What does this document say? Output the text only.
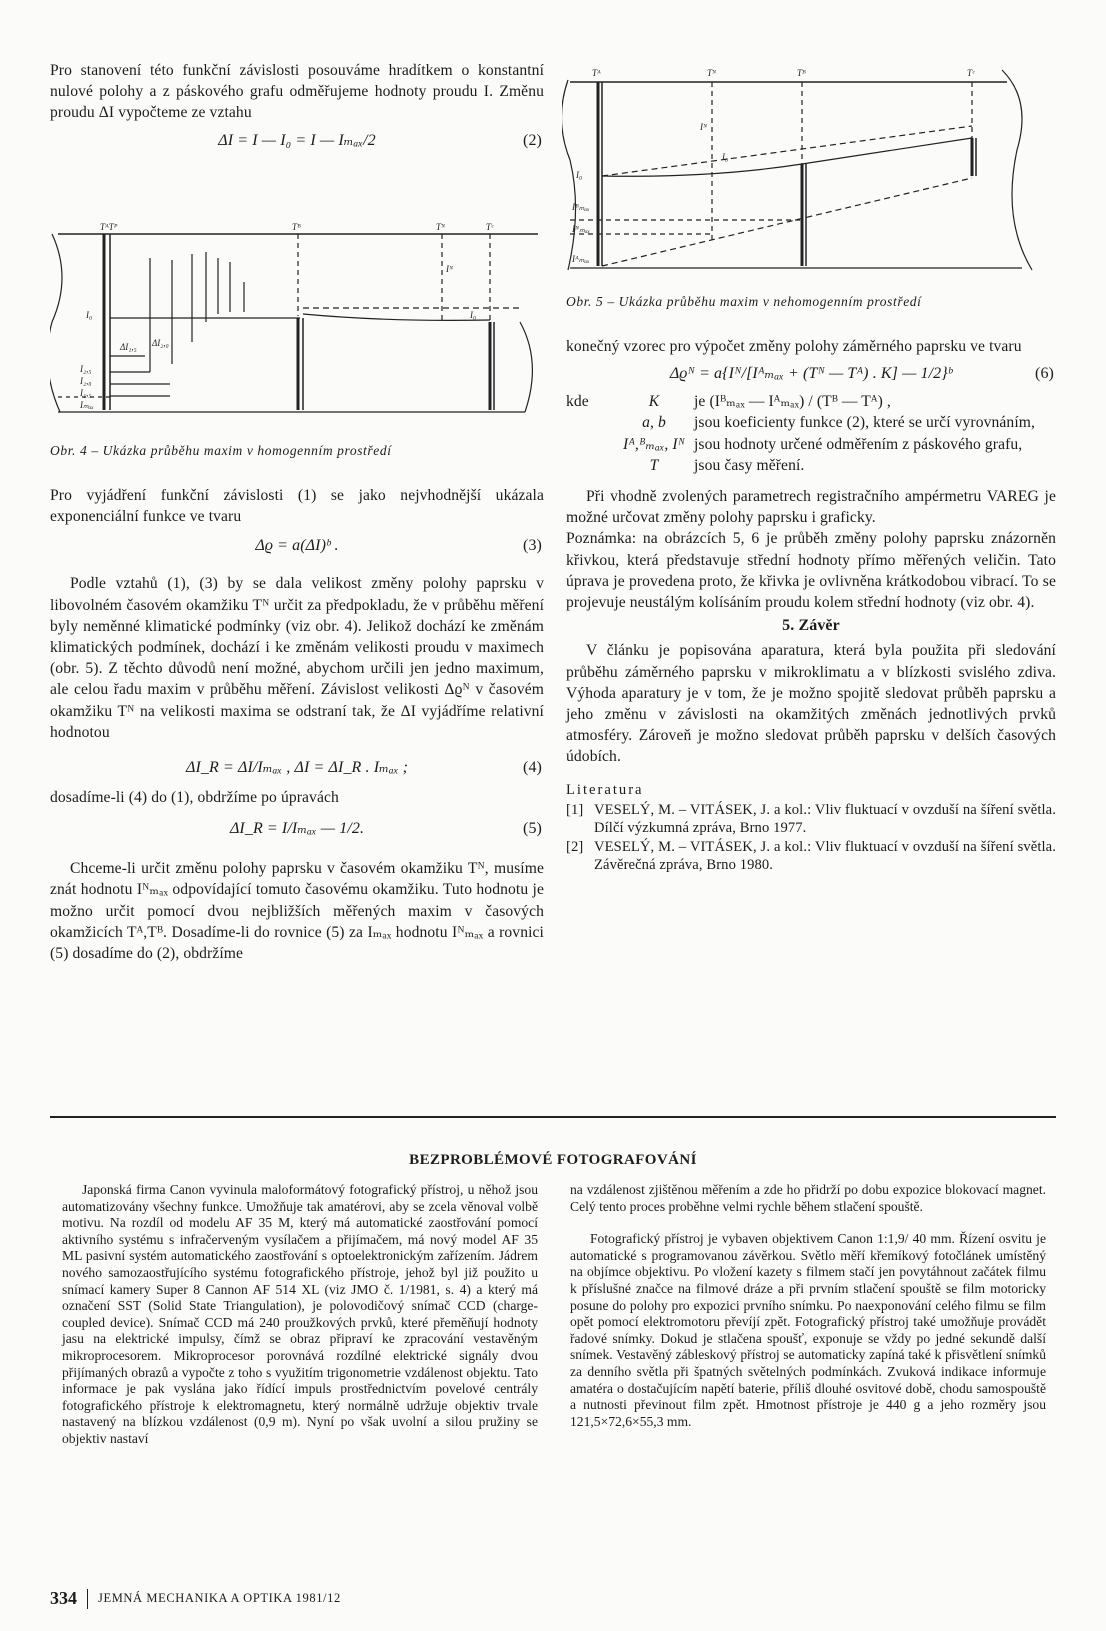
Pro stanovení této funkční závislosti posouváme hradítkem o konstantní nulové polohy a z páskového grafu odměřujeme hodnoty proudu I. Změnu proudu ΔI vypočteme ze vztahu

ΔI = I — I₀ = I — Iₘₐₓ/2	(2)
TᴬTᴾ	Tᴮ	Tᴺ	Tᶜ
I₀
I₂,₅
I₂,₀
I₁,₅
Iₘₐₓ
ΔI₁,₅ ΔI₂,₀
Iᴺ
I₀
Obr. 4 – Ukázka průběhu maxim v homogenním prostředí

Pro vyjádření funkční závislosti (1) se jako nejvhodnější ukázala exponenciální funkce ve tvaru

Δϱ = a(ΔI)ᵇ .	(3)

Podle vztahů (1), (3) by se dala velikost změny polohy paprsku v libovolném časovém okamžiku Tᴺ určit za předpokladu, že v průběhu měření byly neměnné klimatické podmínky (viz obr. 4). Jelikož dochází ke změnám klimatických podmínek, dochází i ke změnám velikosti proudu v maximech (obr. 5). Z těchto důvodů není možné, abychom určili jen jedno maximum, ale celou řadu maxim v průběhu měření. Závislost velikosti Δϱᴺ v časovém okamžiku Tᴺ na velikosti maxima se odstraní tak, že ΔI vyjádříme relativní hodnotou

ΔI_R = ΔI/Iₘₐₓ , ΔI = ΔI_R . Iₘₐₓ ;	(4)

dosadíme-li (4) do (1), obdržíme po úpravách

ΔI_R = I/Iₘₐₓ — 1/2.	(5)

Chceme-li určit změnu polohy paprsku v časovém okamžiku Tᴺ, musíme znát hodnotu Iᴺₘₐₓ odpovídající tomuto časovému okamžiku. Tuto hodnotu je možno určit pomocí dvou nejbližších měřených maxim v časových okamžicích Tᴬ,Tᴮ. Dosadíme-li do rovnice (5) za Iₘₐₓ hodnotu Iᴺₘₐₓ a rovnici (5) dosadíme do (2), obdržíme

Tᴬ	Tᴺ	Tᴮ	Tᶜ
I₀
Iᴮₘₐₓ
Iᴺₘₐₓ
Iᴬₘₐₓ
Iᴺ
I₀
Obr. 5 – Ukázka průběhu maxim v nehomogenním prostředí

konečný vzorec pro výpočet změny polohy záměrného paprsku ve tvaru

Δϱᴺ = a{Iᴺ/[Iᴬₘₐₓ + (Tᴺ — Tᴬ) . K] — 1/2}ᵇ	(6)
kde	K	je (Iᴮₘₐₓ — Iᴬₘₐₓ) / (Tᴮ — Tᴬ) ,
a, b	jsou koeficienty funkce (2), které se určí vyrovnáním,
Iᴬ,ᴮₘₐₓ, Iᴺ jsou hodnoty určené odměřením z páskového grafu,
T	jsou časy měření.

Při vhodně zvolených parametrech registračního ampérmetru VAREG je možné určovat změny polohy paprsku i graficky.

Poznámka: na obrázcích 5, 6 je průběh změny polohy paprsku znázorněn křivkou, která představuje střední hodnoty přímo měřených veličin. Tato úprava je provedena proto, že křivka je ovlivněna krátkodobou vibrací. To se projevuje neustálým kolísáním proudu kolem střední hodnoty (viz obr. 4).

5. Závěr

V článku je popisována aparatura, která byla použita při sledování průběhu záměrného paprsku v mikroklimatu a v blízkosti svislého zdiva. Výhoda aparatury je v tom, že je možno spojitě sledovat průběh paprsku a jeho změnu v závislosti na okamžitých změnách jednotlivých prvků atmosféry. Zároveň je možno sledovat průběh paprsku v delších časových údobích.

Literatura
[1] VESELÝ, M. – VITÁSEK, J. a kol.: Vliv fluktuací v ovzduší na šíření světla. Dílčí výzkumná zpráva, Brno 1977.
[2] VESELÝ, M. – VITÁSEK, J. a kol.: Vliv fluktuací v ovzduší na šíření světla. Závěrečná zpráva, Brno 1980.
BEZPROBLÉMOVÉ FOTOGRAFOVÁNÍ

Japonská firma Canon vyvinula maloformátový fotografický přístroj, u něhož jsou automatizovány všechny funkce. Umožňuje tak amatérovi, aby se zcela věnoval volbě motivu. Na rozdíl od modelu AF 35 M, který má automatické zaostřování pomocí aktivního systému s infračerveným vysílačem a přijímačem, má nový model AF 35 ML pasivní systém automatického zaostřování s optoelektronickým zařízením. Jádrem nového samozaostřujícího systému fotografického přístroje, jehož byl již použito u snímací kamery Super 8 Cannon AF 514 XL (viz JMO č. 1/1981, s. 4) a který má označení SST (Solid State Triangulation), je polovodičový snímač CCD (charge-coupled device). Snímač CCD má 240 proužkových prvků, které přeměňují hodnoty jasu na elektrické impulsy, čímž se obraz připraví ke zpracování vestavěným mikroprocesorem. Mikroprocesor porovnává rozdílné elektrické signály dvou přijímaných obrazů a vypočte z toho s využitím trigonometrie vzdálenost objektu. Tato informace je pak vyslána jako řídící impuls prostřednictvím povelové centrály fotografického přístroje k elektromagnetu, který normálně udržuje objektiv trvale nastavený na blízkou vzdálenost (0,9 m). Nyní po však uvolní a silou pružiny se objektiv nastaví

na vzdálenost zjištěnou měřením a zde ho přidrží po dobu expozice blokovací magnet. Celý tento proces proběhne velmi rychle během stlačení spouště.

Fotografický přístroj je vybaven objektivem Canon 1:1,9/ 40 mm. Řízení osvitu je automatické s programovanou závěrkou. Světlo měří křemíkový fotočlánek umístěný na objímce objektivu. Po vložení kazety s filmem stačí jen povytáhnout začátek filmu k příslušné značce na filmové dráze a při prvním stlačení spouště se film motoricky posune do polohy pro expozici prvního snímku. Po naexponování celého filmu se film opět pomocí elektromotoru převíjí zpět. Fotografický přístroj také umožňuje provádět řadové snímky. Dokud je stlačena spoušť, exponuje se vždy po jedné sekundě další snímek. Vestavěný zábleskový přístroj se automaticky zapíná také k přisvětlení snímků za denního světla při špatných světelných podmínkách. Zvuková indikace informuje amatéra o dostačujícím napětí baterie, příliš dlouhé osvitové době, chodu samospouště a nutnosti převinout film zpět. Hmotnost přístroje je 440 g a jeho rozměry jsou 121,5×72,6×55,3 mm.

334 JEMNÁ MECHANIKA A OPTIKA 1981/12
